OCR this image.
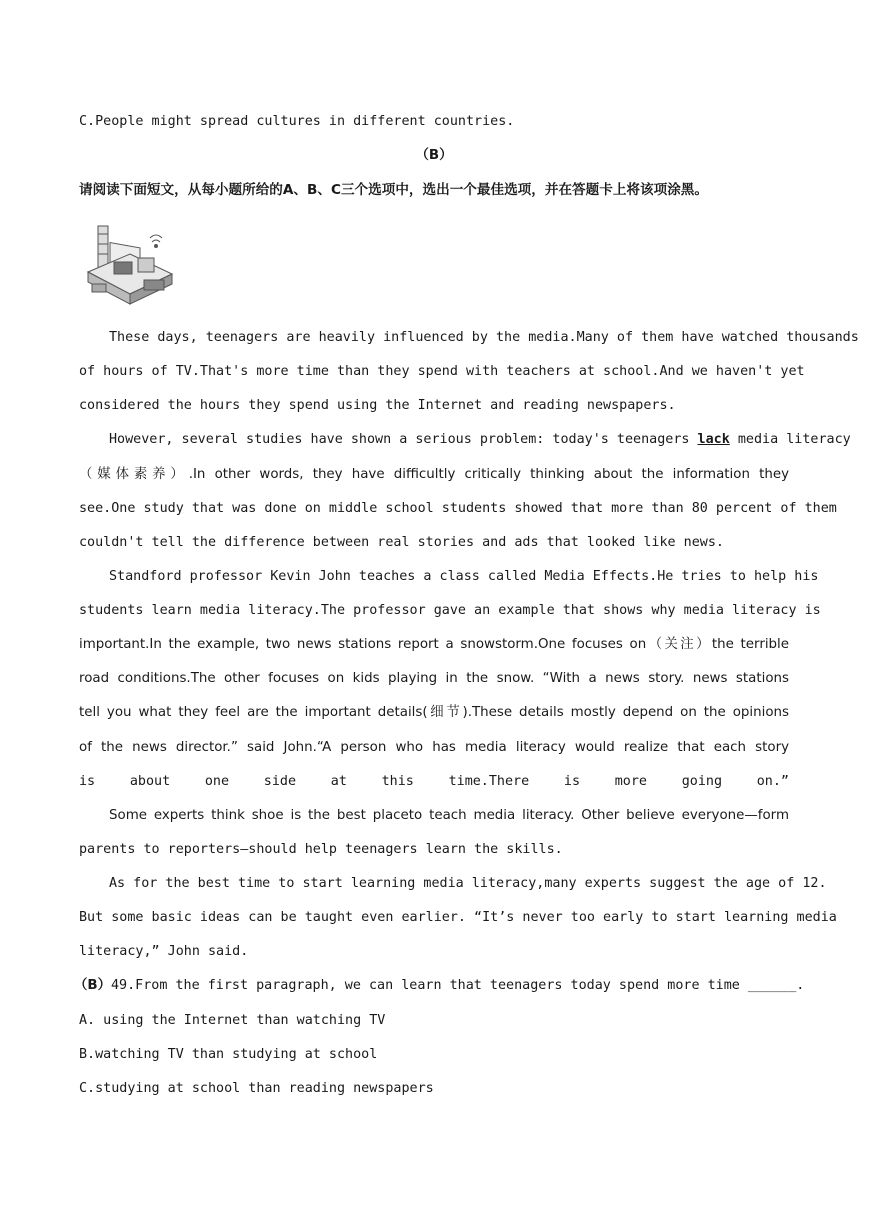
C.People might spread cultures in different countries.
（B）
请阅读下面短文，从每小题所给的A、B、C三个选项中，选出一个最佳选项，并在答题卡上将该项涂黑。
These days, teenagers are heavily influenced by the media.Many of them have watched thousands
of hours of TV.That's more time than they spend with teachers at school.And we haven't yet
considered the hours they spend using the Internet and reading newspapers.
However, several studies have shown a serious problem: today's teenagers lack media literacy
（媒体素养）.In other words, they have difficultly critically thinking about the information they
see.One study that was done on middle school students showed that more than 80 percent of them
couldn't tell the difference between real stories and ads that looked like news.
Standford professor Kevin John teaches a class called Media Effects.He tries to help his
students learn media literacy.The professor gave an example that shows why media literacy is
important.In the example, two news stations report a snowstorm.One focuses on（关注）the terrible
road conditions.The other focuses on kids playing in the snow. “With a news story. news stations
tell you what they feel are the important details(细节).These details mostly depend on the opinions
of the news director.” said John.“A person who has media literacy would realize that each story
is about one side at this time.There is more going on.”
Some experts think shoe is the best placeto teach media literacy. Other believe everyone—form
parents to reporters—should help teenagers learn the skills.
As for the best time to start learning media literacy,many experts suggest the age of 12.
But some basic ideas can be taught even earlier. “It’s never too early to start learning media
literacy,” John said.
（B）49.From the first paragraph, we can learn that teenagers today spend more time ______.
A. using the Internet than watching TV
B.watching TV than studying at school
C.studying at school than reading newspapers
